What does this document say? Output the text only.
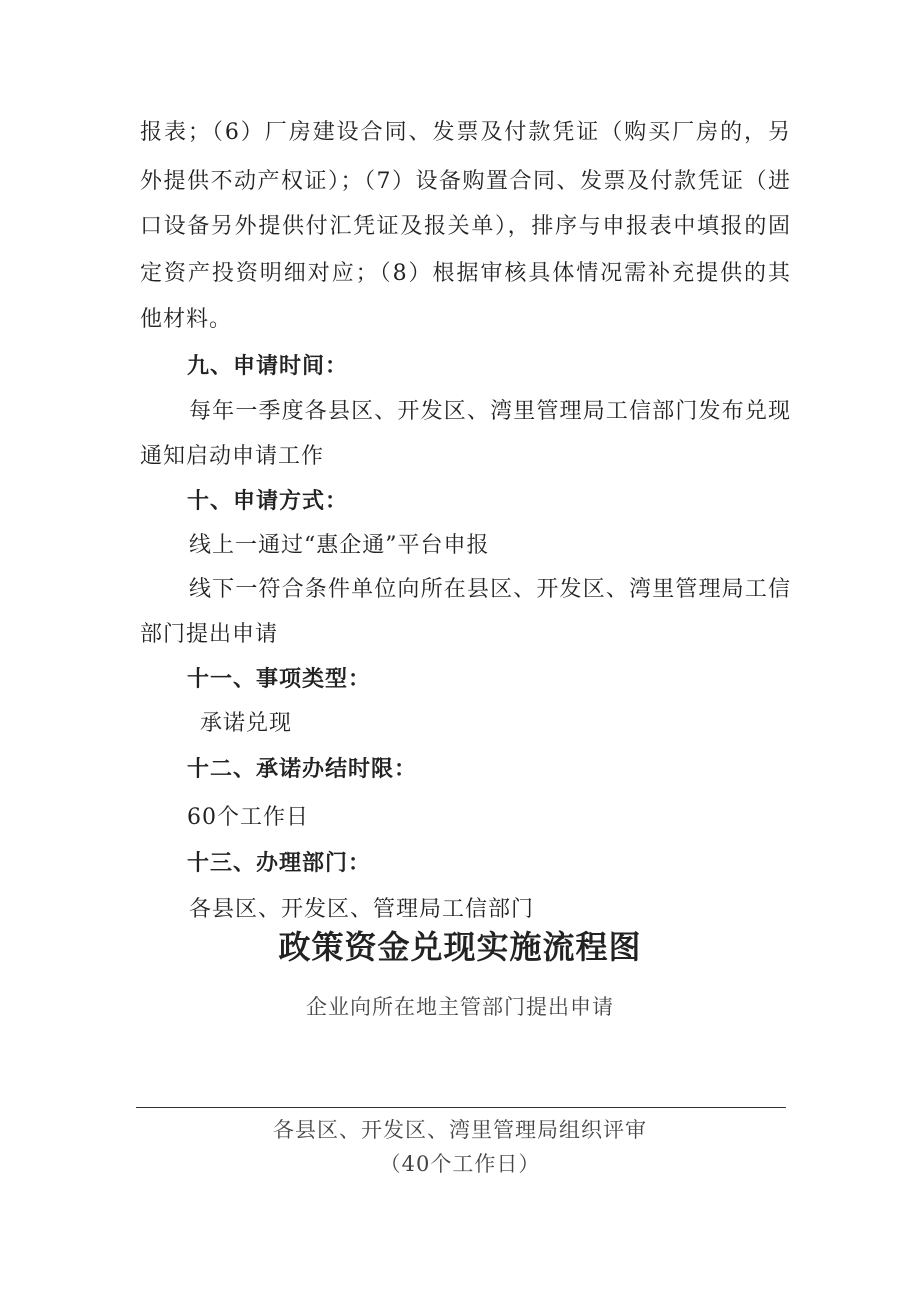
报表；（6）厂房建设合同、发票及付款凭证（购买厂房的，另
外提供不动产权证）；（7）设备购置合同、发票及付款凭证（进
口设备另外提供付汇凭证及报关单），排序与申报表中填报的固
定资产投资明细对应；（8）根据审核具体情况需补充提供的其
他材料。
九、申请时间：
每年一季度各县区、开发区、湾里管理局工信部门发布兑现
通知启动申请工作
十、申请方式：
线上一通过“惠企通”平台申报
线下一符合条件单位向所在县区、开发区、湾里管理局工信
部门提出申请
十一、事项类型：
承诺兑现
十二、承诺办结时限：
60个工作日
十三、办理部门：
各县区、开发区、管理局工信部门
政策资金兑现实施流程图
企业向所在地主管部门提出申请
各县区、开发区、湾里管理局组织评审
（40个工作日）
